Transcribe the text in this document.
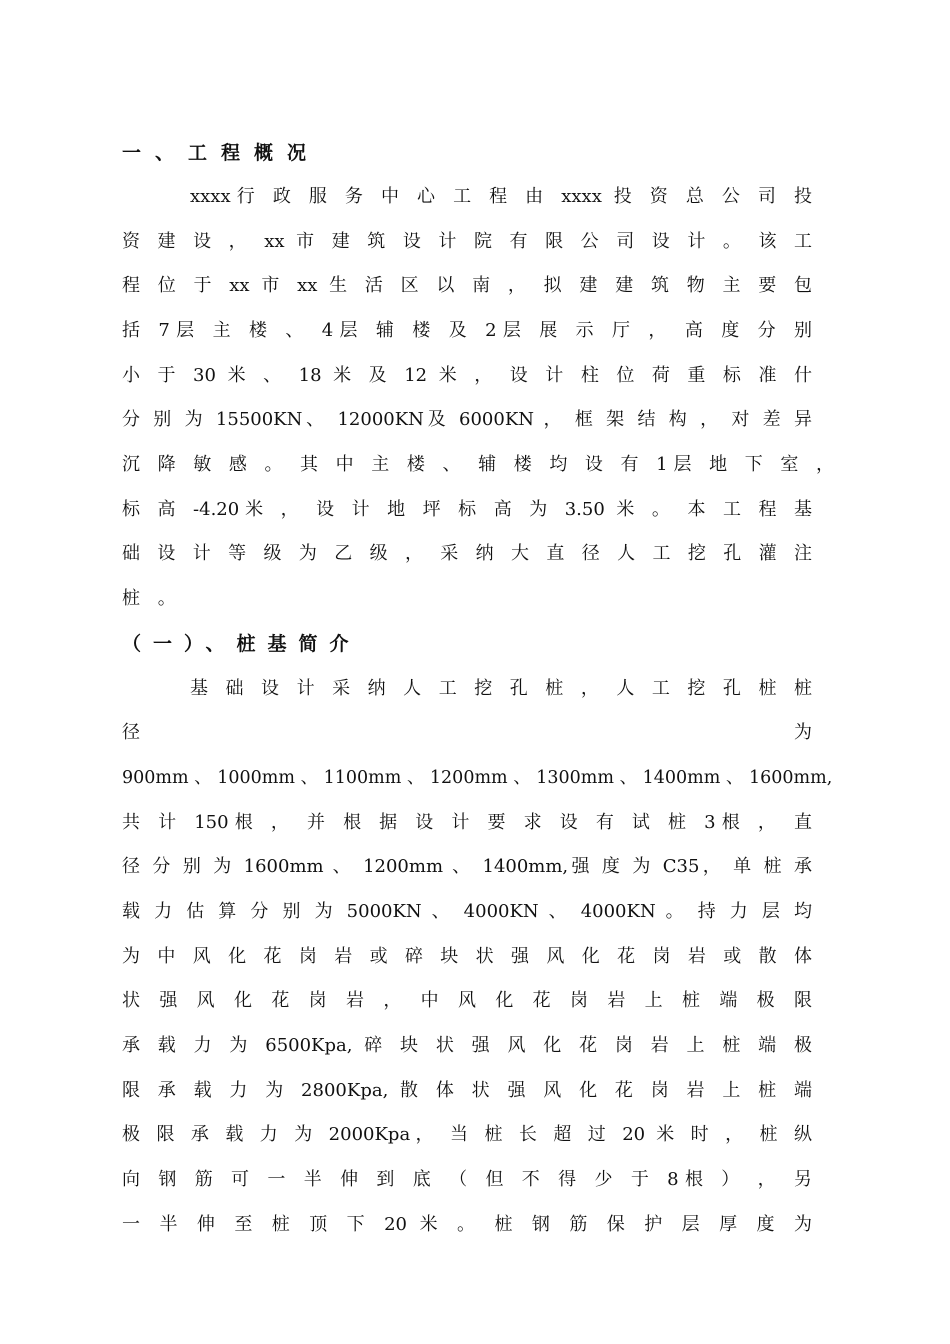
一、工程概况
xxxx行 政 服 务 中 心 工 程 由 xxxx 投 资 总 公 司 投
资 建 设 ， xx 市 建 筑 设 计 院 有 限 公 司 设 计 。 该 工
程 位 于 xx 市 xx 生 活 区 以 南 ， 拟 建 建 筑 物 主 要 包
括 7层 主 楼 、 4层 辅 楼 及 2层 展 示 厅 ， 高 度 分 别
小 于 30 米 、 18 米 及 12 米 ， 设 计 柱 位 荷 重 标 准 什
分 别 为 15500KN、 12000KN及 6000KN ， 框 架 结 构 ， 对 差 异
沉 降 敏 感 。 其 中 主 楼 、 辅 楼 均 设 有 1层 地 下 室 ，
标 高 -4.20米 ， 设 计 地 坪 标 高 为 3.50 米 。 本 工 程 基
础 设 计 等 级 为 乙 级 ， 采 纳 大 直 径 人 工 挖 孔 灌 注
桩 。
（一）、桩基简介
基 础 设 计 采 纳 人 工 挖 孔 桩 ， 人 工 挖 孔 桩 桩
径 为
900mm 、 1000mm 、 1100mm 、 1200mm 、 1300mm 、 1400mm 、 1600mm,
共 计 150根 ， 并 根 据 设 计 要 求 设 有 试 桩 3根 ， 直
径 分 别 为 1600mm 、 1200mm 、 1400mm,强 度 为 C35， 单 桩 承
载 力 估 算 分 别 为 5000KN 、 4000KN 、 4000KN 。 持 力 层 均
为 中 风 化 花 岗 岩 或 碎 块 状 强 风 化 花 岗 岩 或 散 体
状 强 风 化 花 岗 岩 ， 中 风 化 花 岗 岩 上 桩 端 极 限
承 载 力 为 6500Kpa, 碎 块 状 强 风 化 花 岗 岩 上 桩 端 极
限 承 载 力 为 2800Kpa, 散 体 状 强 风 化 花 岗 岩 上 桩 端
极 限 承 载 力 为 2000Kpa， 当 桩 长 超 过 20 米 时 ， 桩 纵
向 钢 筋 可 一 半 伸 到 底 （ 但 不 得 少 于 8根 ） ， 另
一 半 伸 至 桩 顶 下 20 米 。 桩 钢 筋 保 护 层 厚 度 为
